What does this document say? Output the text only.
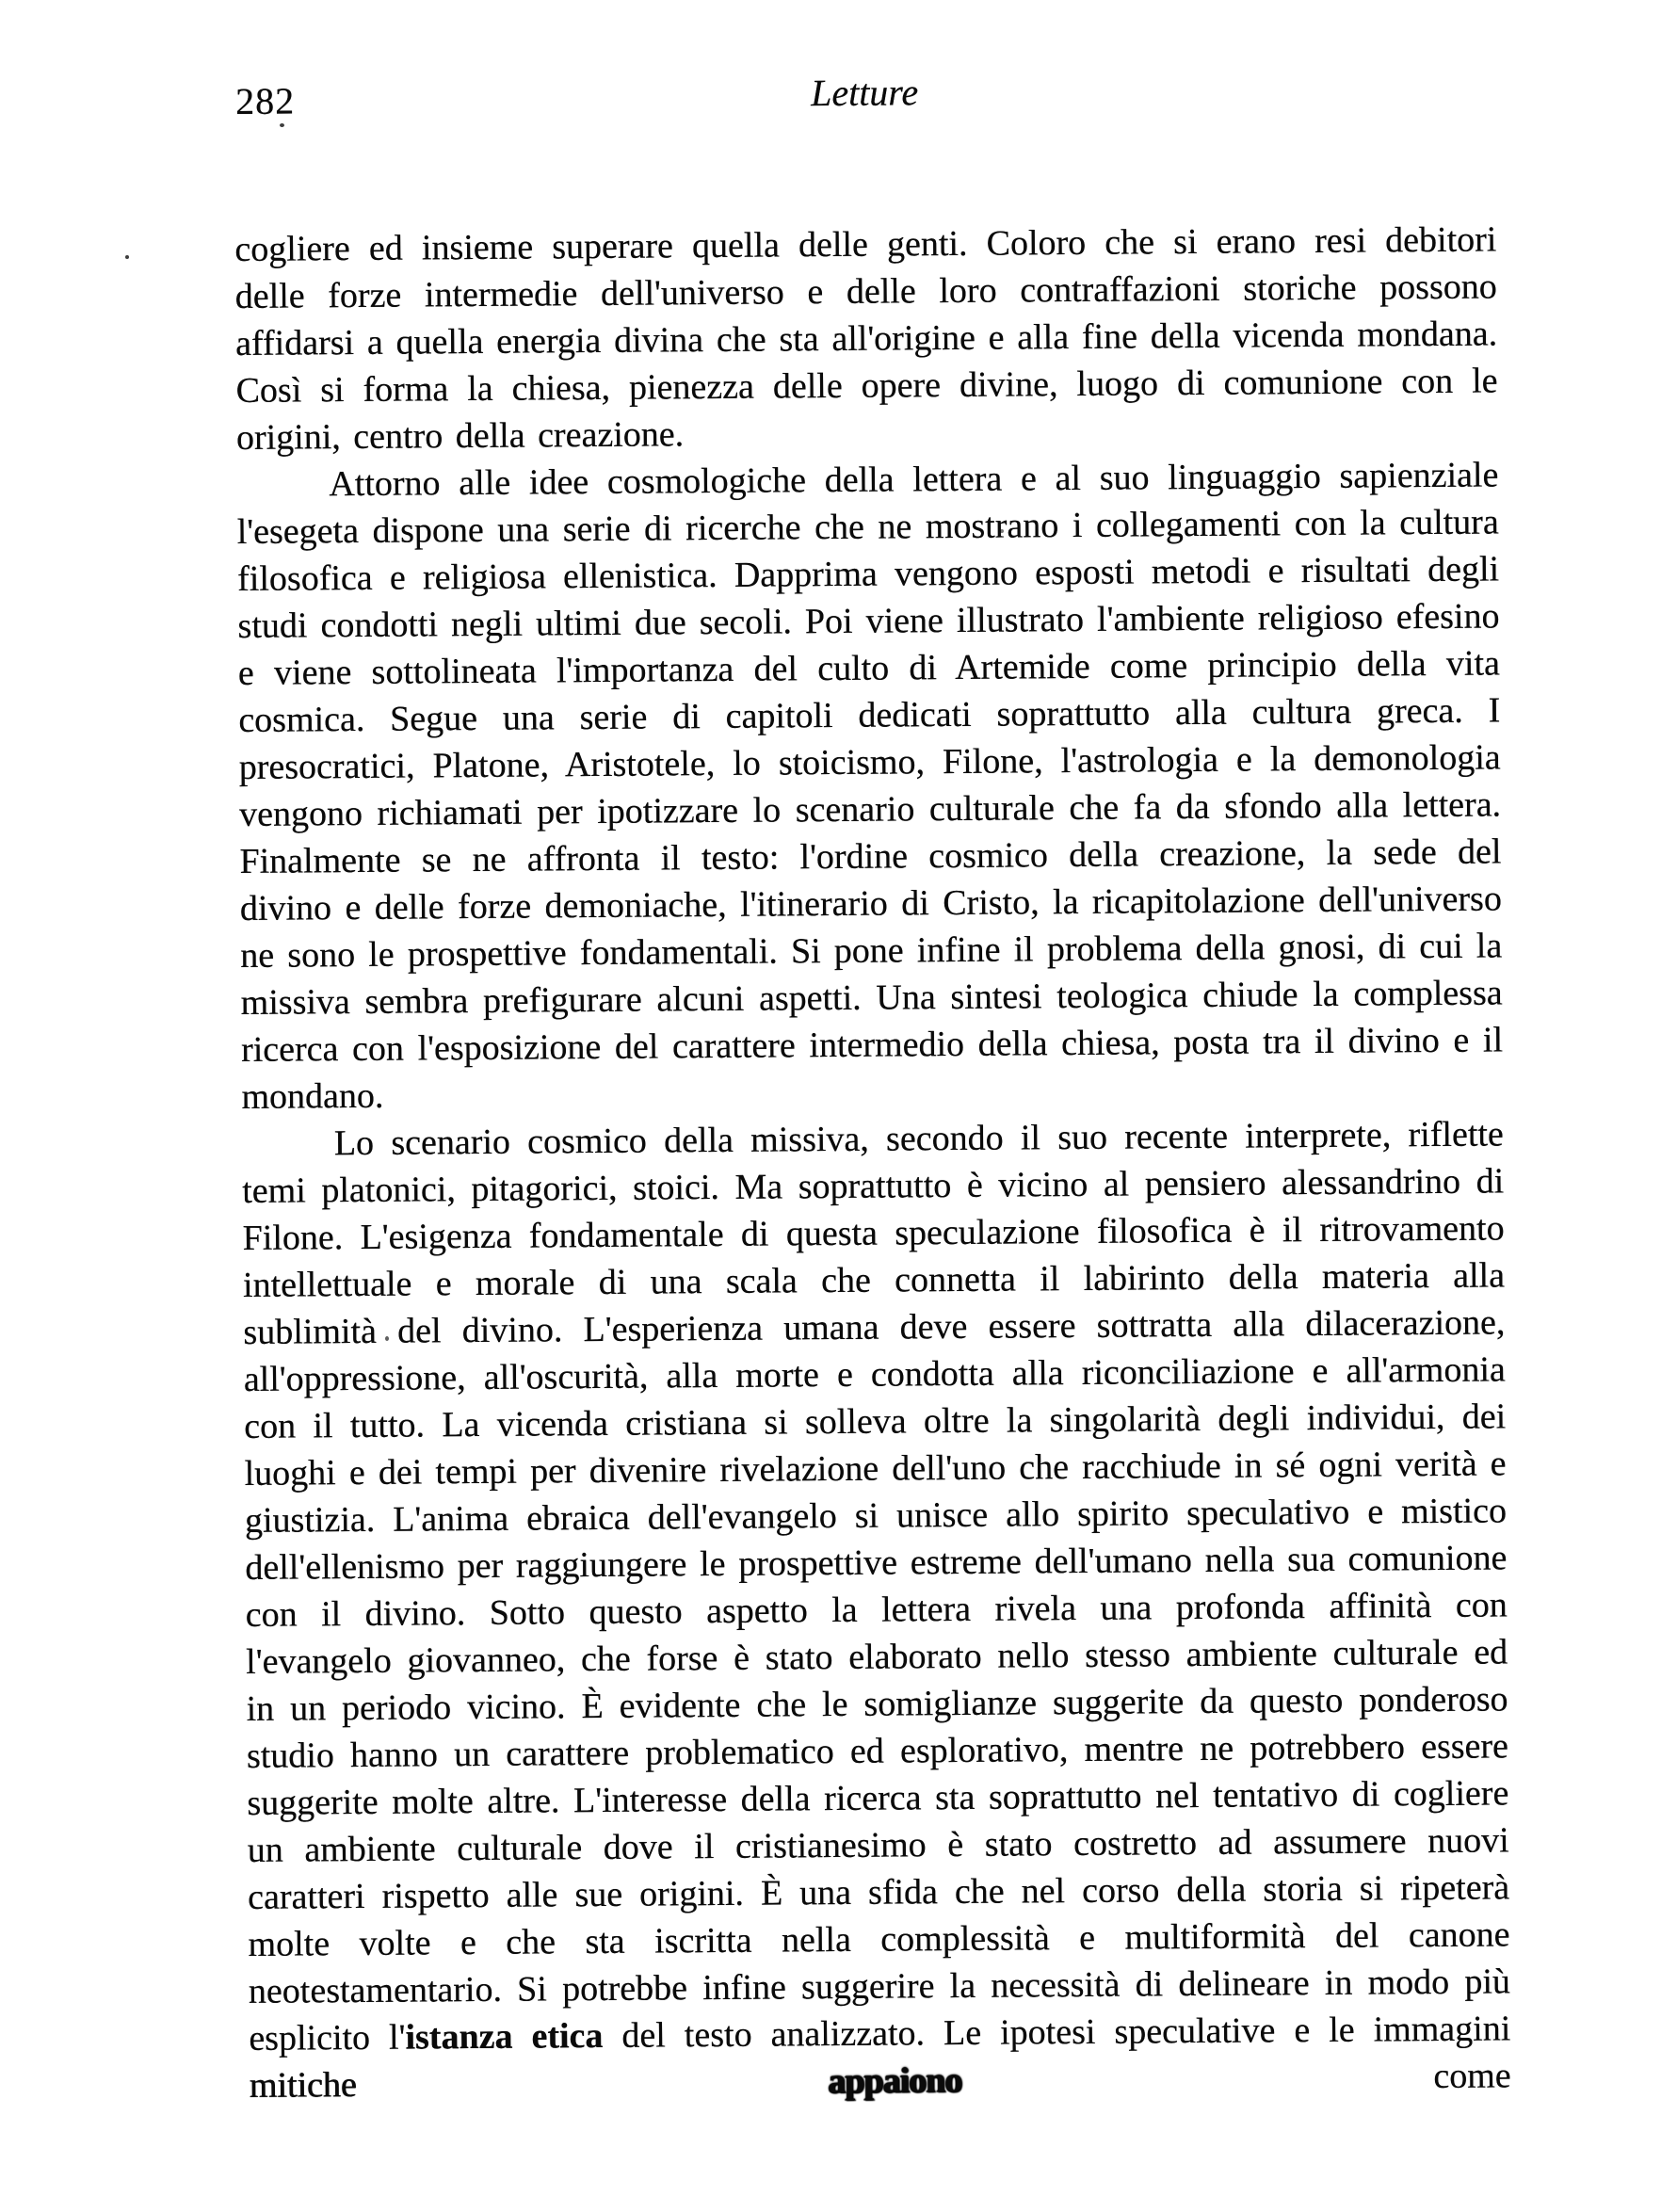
282	Letture

cogliere ed insieme superare quella delle genti. Coloro che si erano resi debitori delle forze intermedie dell'universo e delle loro contraffazioni storiche possono affidarsi a quella energia divina che sta all'origine e alla fine della vicenda mondana. Così si forma la chiesa, pienezza delle opere divine, luogo di comunione con le origini, centro della creazione.

Attorno alle idee cosmologiche della lettera e al suo linguaggio sapienziale l'esegeta dispone una serie di ricerche che ne mostrano i collegamenti con la cultura filosofica e religiosa ellenistica. Dapprima vengono esposti metodi e risultati degli studi condotti negli ultimi due secoli. Poi viene illustrato l'ambiente religioso efesino e viene sottolineata l'importanza del culto di Artemide come principio della vita cosmica. Segue una serie di capitoli dedicati soprattutto alla cultura greca. I presocratici, Platone, Aristotele, lo stoicismo, Filone, l'astrologia e la demonologia vengono richiamati per ipotizzare lo scenario culturale che fa da sfondo alla lettera. Finalmente se ne affronta il testo: l'ordine cosmico della creazione, la sede del divino e delle forze demoniache, l'itinerario di Cristo, la ricapitolazione dell'universo ne sono le prospettive fondamentali. Si pone infine il problema della gnosi, di cui la missiva sembra prefigurare alcuni aspetti. Una sintesi teologica chiude la complessa ricerca con l'esposizione del carattere intermedio della chiesa, posta tra il divino e il mondano.

Lo scenario cosmico della missiva, secondo il suo recente interprete, riflette temi platonici, pitagorici, stoici. Ma soprattutto è vicino al pensiero alessandrino di Filone. L'esigenza fondamentale di questa speculazione filosofica è il ritrovamento intellettuale e morale di una scala che connetta il labirinto della materia alla sublimità del divino. L'esperienza umana deve essere sottratta alla dilacerazione, all'oppressione, all'oscurità, alla morte e condotta alla riconciliazione e all'armonia con il tutto. La vicenda cristiana si solleva oltre la singolarità degli individui, dei luoghi e dei tempi per divenire rivelazione dell'uno che racchiude in sé ogni verità e giustizia. L'anima ebraica dell'evangelo si unisce allo spirito speculativo e mistico dell'ellenismo per raggiungere le prospettive estreme dell'umano nella sua comunione con il divino. Sotto questo aspetto la lettera rivela una profonda affinità con l'evangelo giovanneo, che forse è stato elaborato nello stesso ambiente culturale ed in un periodo vicino. È evidente che le somiglianze suggerite da questo ponderoso studio hanno un carattere problematico ed esplorativo, mentre ne potrebbero essere suggerite molte altre. L'interesse della ricerca sta soprattutto nel tentativo di cogliere un ambiente culturale dove il cristianesimo è stato costretto ad assumere nuovi caratteri rispetto alle sue origini. È una sfida che nel corso della storia si ripeterà molte volte e che sta iscritta nella complessità e multiformità del canone neotestamentario. Si potrebbe infine suggerire la necessità di delineare in modo più esplicito l'istanza etica del testo analizzato. Le ipotesi speculative e le immagini mitiche appaiono come
